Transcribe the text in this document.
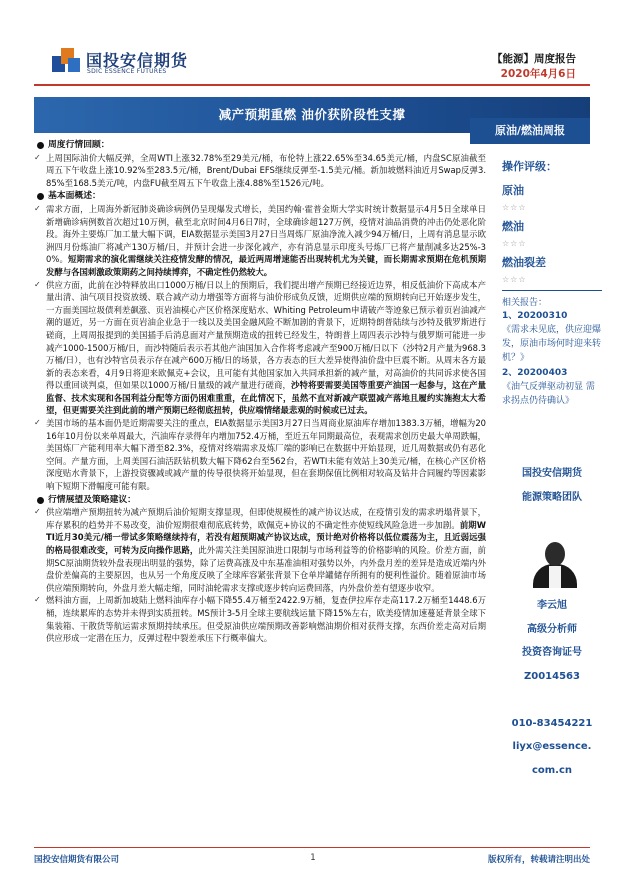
国投安信期货
SDIC ESSENCE FUTURES
【能源】周度报告
2020年4月6日
减产预期重燃 油价获阶段性支撑
原油/燃油周报
周度行情回顾：
✓ 上周国际油价大幅反弹，全周WTI上涨32.78%至29美元/桶，布伦特上涨22.65%至34.65美元/桶，内盘SC原油截至周五下午收盘上涨10.92%至283.5元/桶，Brent/Dubai EFS继续反弹至-1.5美元/桶。新加坡燃料油近月Swap反弹3.85%至168.5美元/吨，内盘FU截至周五下午收盘上涨4.88%至1526元/吨。
基本面概述：
✓ 需求方面，上周海外新冠肺炎确诊病例仍呈现爆发式增长，美国约翰·霍普金斯大学实时统计数据显示4月5日全球单日新增确诊病例数首次超过10万例，截至北京时间4月6日7时，全球确诊超127万例，疫情对油品消费的冲击仍处恶化阶段。海外主要炼厂加工量大幅下调，EIA数据显示美国3月27日当周炼厂原油净流入减少94万桶/日，上周有消息显示欧洲四月份炼油厂将减产130万桶/日，并预计会进一步深化减产，亦有消息显示印度头号炼厂已将产量削减多达25%-30%。短期需求的演化需继续关注疫情发酵的情况，最近两周增速能否出现转机尤为关键，而长期需求预期在危机预期发酵与各国刺激政策期药之间持续博弈，不确定性仍然较大。
✓ 供应方面，此前在沙特释放出口1000万桶/日以上的预期后，我们提出增产预期已经接近边界，相反低油价下高成本产量出清、油气项目投资放缓、联合减产动力增强等方面将与油价形成负反馈，近期供应端的预期转向已开始逐步发生，一方面美国垃圾债利差飙涨、页岩油模心产区价格深度贴水、Whiting Petroleum申请破产等迹象已预示着页岩油减产潮的逼近，另一方面在页岩油企业急于一线以及美国金融风险不断加剧的背景下，近期特朗普陆续与沙特及俄罗斯进行磋商，上周周报提到的美国插手后消息面对产量预期造成的扭转已经发生，特朗普上周四表示沙特与俄罗斯可能进一步减产1000-1500万桶/日，而沙特随后表示若其他产油国加入合作将考虑减产至900万桶/日以下（沙特2月产量为968.3万桶/日），也有沙特官员表示存在减产600万桶/日的场景，各方表态的巨大差异使得油价盘中巨震不断。从周末各方最新的表态来看，4月9日将迎来欧佩克+会议，且可能有其他国家加入共同承担新的减产量，对高油价的共同诉求使各国得以重回谈判桌，但如果以1000万桶/日量级的减产量进行磋商，沙特将要需要美国等重要产油国一起参与，这在产量监督、技术实现和各国利益分配等方面仍困难重重，在此情况下，虽然不直对新减产联盟减产落地且履约实施抱太大希望，但更需要关注到此前的增产预期已经彻底扭转，供应端情绪最悲观的时候或已过去。
✓ 美国市场的基本面仍是近期需要关注的重点，EIA数据显示美国3月27日当周商业原油库存增加1383.3万桶，增幅为2016年10月份以来单周最大，汽油库存录得年内增加752.4万桶，至近五年同期最高位，表观需求创历史最大单周跌幅，美国炼厂产能利用率大幅下滑至82.3%，疫情对终端需求及炼厂端的影响已在数据中开始显现，近几周数据或仍有恶化空间。产量方面，上周美国石油活跃钻机数大幅下降62台至562台，若WTI未能有效站上30美元/桶，在核心产区价格深度贴水背景下，上游投资骤减或减产量的传导很快将开始显现，但在套期保值比例相对较高及钻井合同履约等因素影响下短期下滑幅度可能有限。
行情展望及策略建议：
✓ 供应端增产预期扭转为减产预期后油价短期支撑显现，但即使规模性的减产协议达成，在疫情引发的需求坍塌背景下，库存累积的趋势并不易改变，油价短期很难彻底底转势，欧佩克+协议的不确定性亦使短线风险急进一步加剧。前期WTI近月30美元/桶一带试多策略继续持有，若没有超预期减产协议达成，预计绝对价格将以低位震荡为主，且近弱远强的格局很难改变，可转为反向操作思路，此外需关注美国原油进口限制与市场利益等的价格影响的风险。价差方面，前期SC原油期货较外盘表现出明显的强势，除了运费高涨及中东基准油相对强势以外，内外盘月差的差异是造成近端内外盘价差偏高的主要原因，也从另一个角度反映了全球库容紧张背景下仓单岸罐储存所拥有的便利性溢价。随着原油市场供应端预期转向，外盘月差大幅走缩，同时油轮需求支撑或逐步转向运费回落，内外盘价差有望逐步收窄。
✓ 燃料油方面，上周新加坡陆上燃料油库存小幅下降55.4万桶至2422.9万桶，复查伊拉库存走高117.2万桶至1448.6万桶，连续累库的态势并未得到实质扭转。MS预计3-5月全球主要航线运量下降15%左右，欧美疫情加速蔓延背景全球下集装箱、干散货等航运需求预期持续承压。但受原油供应端预期改善影响燃油期价相对获得支撑，东西价差走高对后期供应形成一定潜在压力，反弹过程中裂差承压下行概率偏大。
操作评级：
原油
☆☆☆
燃油
☆☆☆
燃油裂差
☆☆☆
相关报告：
1、20200310
《需求未见底，供应迎爆发，原油市场何时迎来转机？》
2、20200403
《油气反弹驱动初显 需求拐点仍待确认》
国投安信期货
能源策略团队
李云旭
高级分析师
投资咨询证号
Z0014563

010-83454221
liyx@essence.
com.cn
国投安信期货有限公司	1	版权所有，转载请注明出处
